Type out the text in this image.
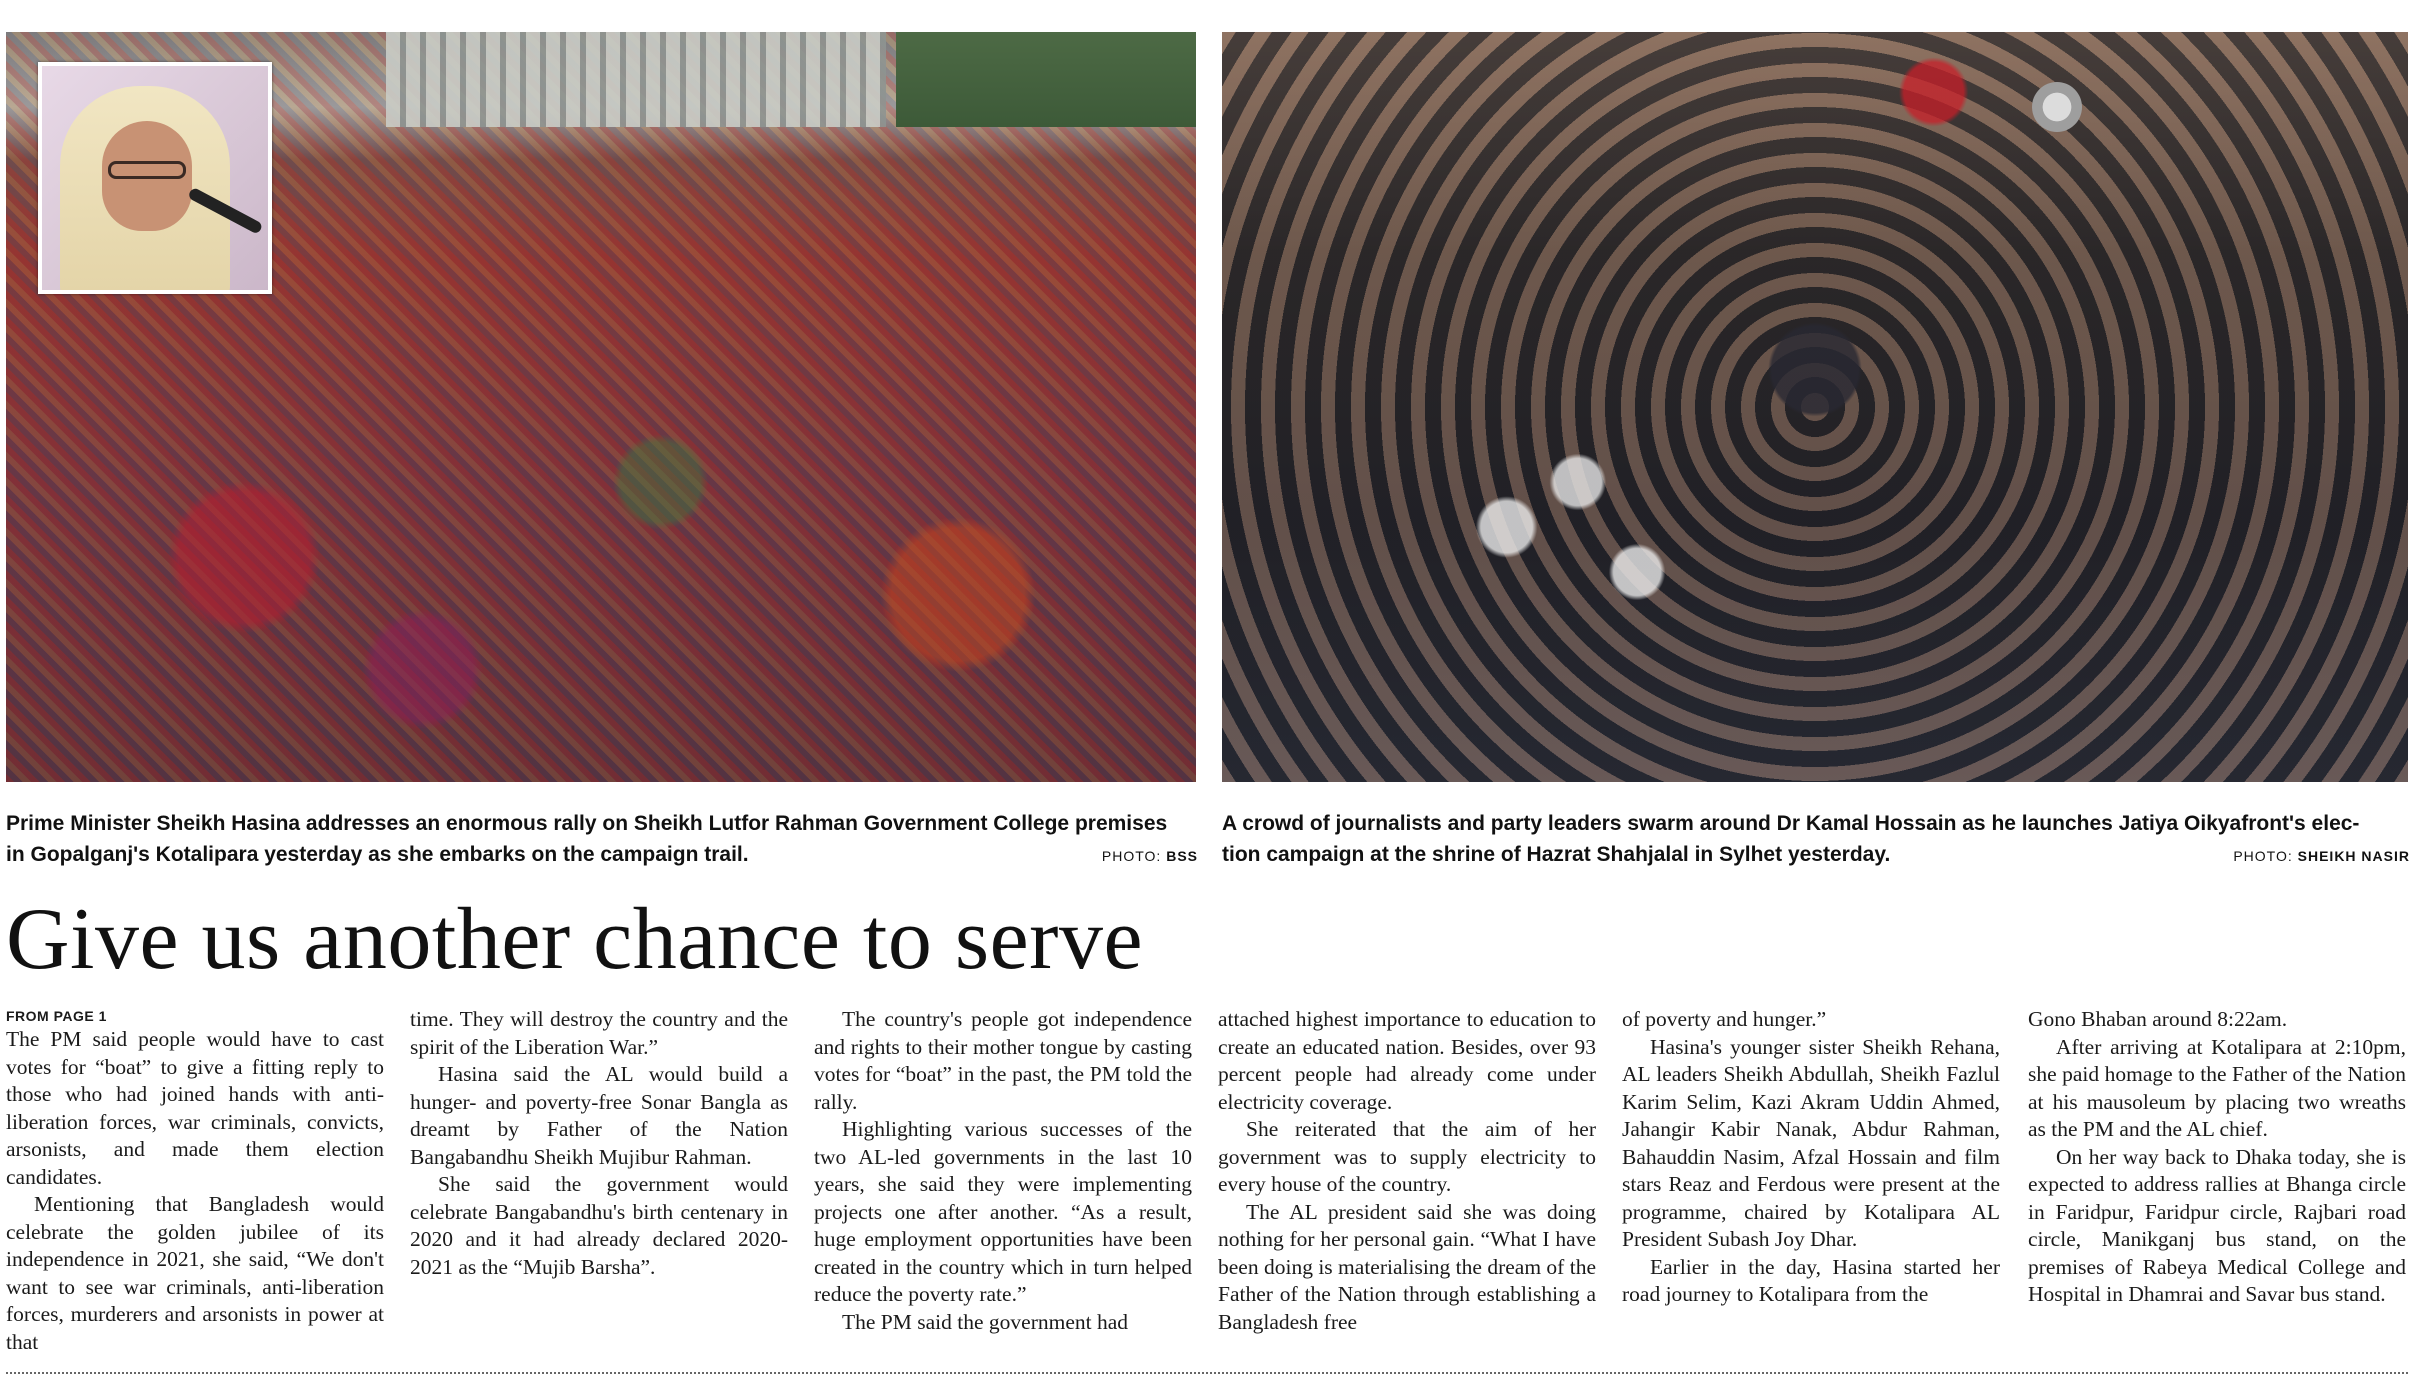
Prime Minister Sheikh Hasina addresses an enormous rally on Sheikh Lutfor Rahman Government College premises

in Gopalganj's Kotalipara yesterday as she embarks on the campaign trail.	PHOTO: BSS

A crowd of journalists and party leaders swarm around Dr Kamal Hossain as he launches Jatiya Oikyafront's elec-

tion campaign at the shrine of Hazrat Shahjalal in Sylhet yesterday.	PHOTO: SHEIKH NASIR
Give us another chance to serve
FROM PAGE 1

The PM said people would have to cast votes for “boat” to give a fitting reply to those who had joined hands with anti-liberation forces, war criminals, convicts, arsonists, and made them election candidates.

Mentioning that Bangladesh would celebrate the golden jubilee of its independence in 2021, she said, “We don't want to see war criminals, anti-liberation forces, murderers and arsonists in power at that

time. They will destroy the country and the spirit of the Liberation War.”

Hasina said the AL would build a hunger- and poverty-free Sonar Bangla as dreamt by Father of the Nation Bangabandhu Sheikh Mujibur Rahman.

She said the government would celebrate Bangabandhu's birth centenary in 2020 and it had already declared 2020-2021 as the “Mujib Barsha”.

The country's people got independence and rights to their mother tongue by casting votes for “boat” in the past, the PM told the rally.

Highlighting various successes of the two AL-led governments in the last 10 years, she said they were implementing projects one after another. “As a result, huge employment opportunities have been created in the country which in turn helped reduce the poverty rate.”

The PM said the government had

attached highest importance to education to create an educated nation. Besides, over 93 percent people had already come under electricity coverage.

She reiterated that the aim of her government was to supply electricity to every house of the country.

The AL president said she was doing nothing for her personal gain. “What I have been doing is materialising the dream of the Father of the Nation through establishing a Bangladesh free

of poverty and hunger.”

Hasina's younger sister Sheikh Rehana, AL leaders Sheikh Abdullah, Sheikh Fazlul Karim Selim, Kazi Akram Uddin Ahmed, Jahangir Kabir Nanak, Abdur Rahman, Bahauddin Nasim, Afzal Hossain and film stars Reaz and Ferdous were present at the programme, chaired by Kotalipara AL President Subash Joy Dhar.

Earlier in the day, Hasina started her road journey to Kotalipara from the

Gono Bhaban around 8:22am.

After arriving at Kotalipara at 2:10pm, she paid homage to the Father of the Nation at his mausoleum by placing two wreaths as the PM and the AL chief.

On her way back to Dhaka today, she is expected to address rallies at Bhanga circle in Faridpur, Faridpur circle, Rajbari road circle, Manikganj bus stand, on the premises of Rabeya Medical College and Hospital in Dhamrai and Savar bus stand.
